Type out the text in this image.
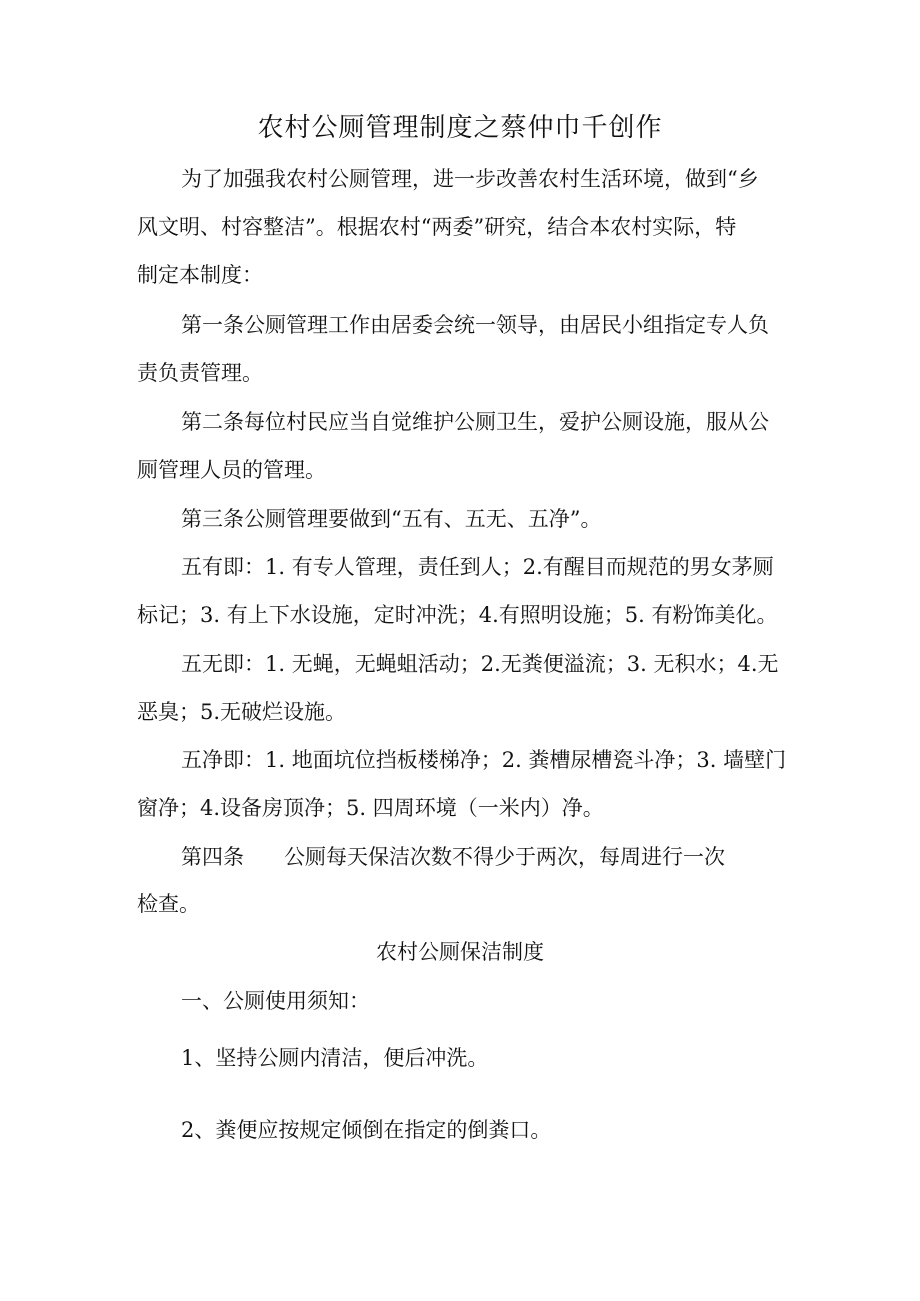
农村公厕管理制度之蔡仲巾千创作
为了加强我农村公厕管理，进一步改善农村生活环境，做到“乡
风文明、村容整洁”。根据农村“两委”研究，结合本农村实际，特
制定本制度：
第一条公厕管理工作由居委会统一领导，由居民小组指定专人负
责负责管理。
第二条每位村民应当自觉维护公厕卫生，爱护公厕设施，服从公
厕管理人员的管理。
第三条公厕管理要做到“五有、五无、五净”。
五有即：1. 有专人管理，责任到人；2.有醒目而规范的男女茅厕
标记；3. 有上下水设施，定时冲洗；4.有照明设施；5. 有粉饰美化。
五无即：1. 无蝇，无蝇蛆活动；2.无粪便溢流；3. 无积水；4.无
恶臭；5.无破烂设施。
五净即：1. 地面坑位挡板楼梯净；2. 粪槽尿槽瓷斗净；3. 墙壁门
窗净；4.设备房顶净；5. 四周环境（一米内）净。
第四条 公厕每天保洁次数不得少于两次，每周进行一次
检查。
农村公厕保洁制度
一、公厕使用须知：
1、坚持公厕内清洁，便后冲洗。
2、粪便应按规定倾倒在指定的倒粪口。
